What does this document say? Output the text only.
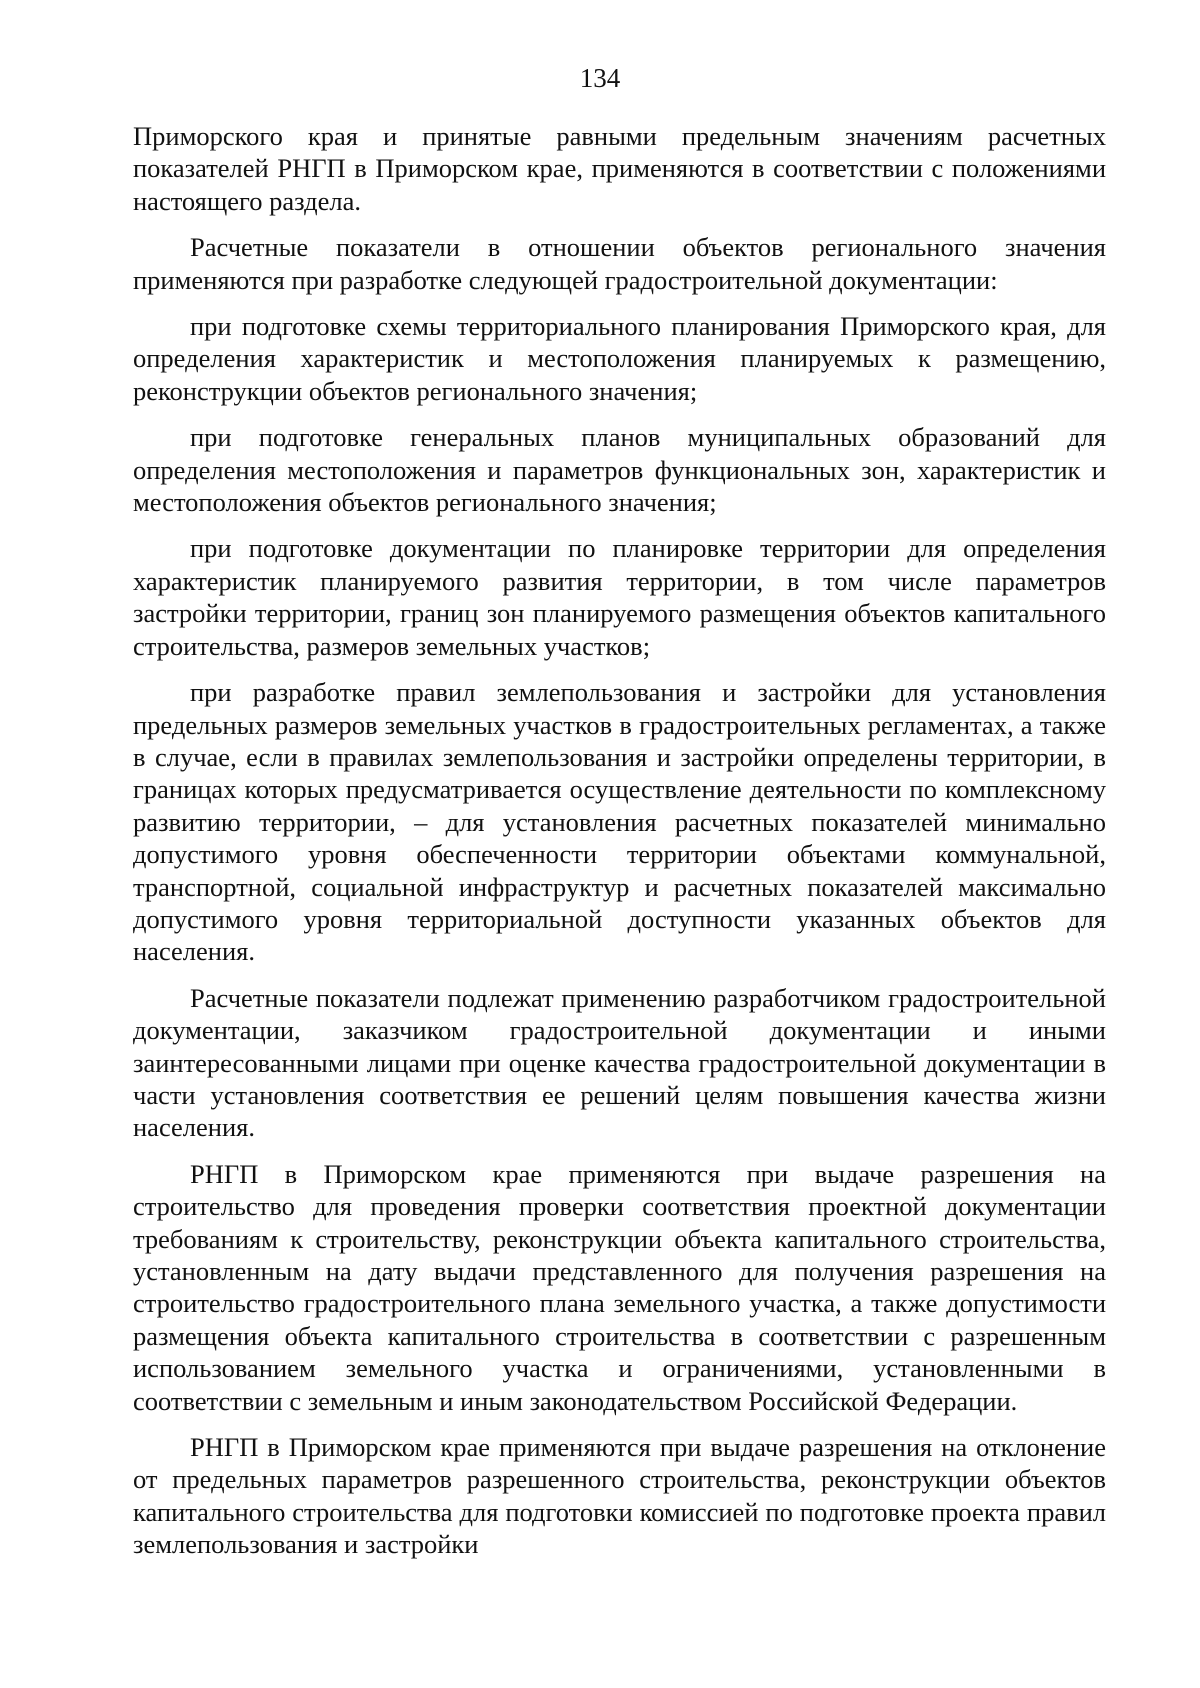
134

Приморского края и принятые равными предельным значениям расчетных показателей РНГП в Приморском крае, применяются в соответствии с положениями настоящего раздела.

Расчетные показатели в отношении объектов регионального значения применяются при разработке следующей градостроительной документации:

при подготовке схемы территориального планирования Приморского края, для определения характеристик и местоположения планируемых к размещению, реконструкции объектов регионального значения;

при подготовке генеральных планов муниципальных образований для определения местоположения и параметров функциональных зон, характеристик и местоположения объектов регионального значения;

при подготовке документации по планировке территории для определения характеристик планируемого развития территории, в том числе параметров застройки территории, границ зон планируемого размещения объектов капитального строительства, размеров земельных участков;

при разработке правил землепользования и застройки для установления предельных размеров земельных участков в градостроительных регламентах, а также в случае, если в правилах землепользования и застройки определены территории, в границах которых предусматривается осуществление деятельности по комплексному развитию территории, – для установления расчетных показателей минимально допустимого уровня обеспеченности территории объектами коммунальной, транспортной, социальной инфраструктур и расчетных показателей максимально допустимого уровня территориальной доступности указанных объектов для населения.

Расчетные показатели подлежат применению разработчиком градостроительной документации, заказчиком градостроительной документации и иными заинтересованными лицами при оценке качества градостроительной документации в части установления соответствия ее решений целям повышения качества жизни населения.

РНГП в Приморском крае применяются при выдаче разрешения на строительство для проведения проверки соответствия проектной документации требованиям к строительству, реконструкции объекта капитального строительства, установленным на дату выдачи представленного для получения разрешения на строительство градостроительного плана земельного участка, а также допустимости размещения объекта капитального строительства в соответствии с разрешенным использованием земельного участка и ограничениями, установленными в соответствии с земельным и иным законодательством Российской Федерации.

РНГП в Приморском крае применяются при выдаче разрешения на отклонение от предельных параметров разрешенного строительства, реконструкции объектов капитального строительства для подготовки комиссией по подготовке проекта правил землепользования и застройки
